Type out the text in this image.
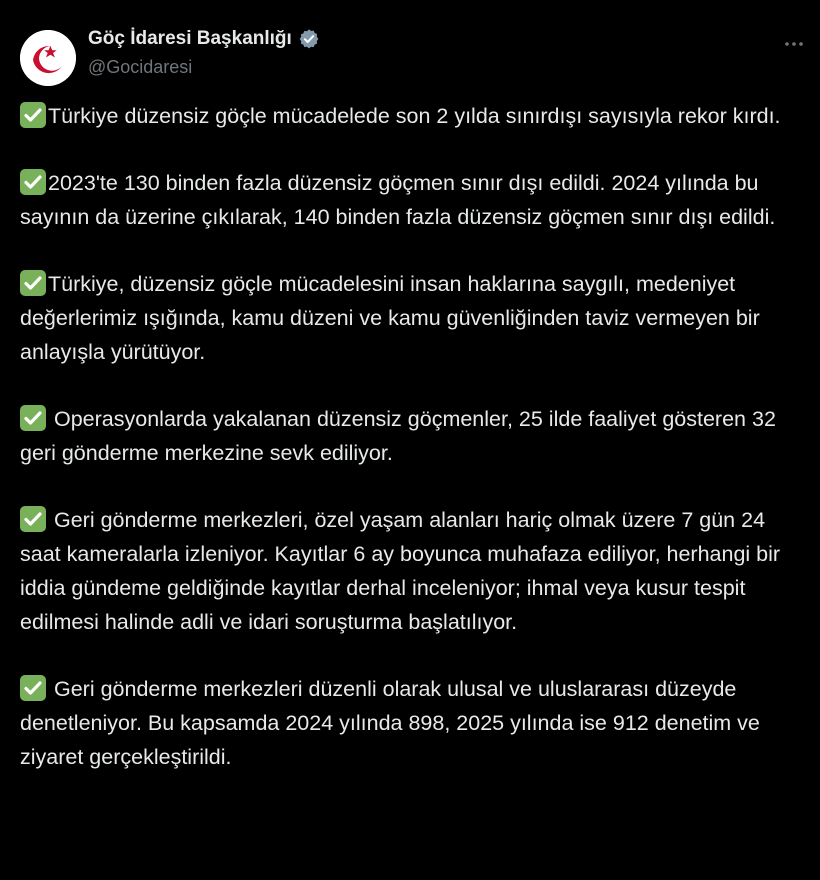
Göç İdaresi Başkanlığı
@Gocidaresi

Türkiye düzensiz göçle mücadelede son 2 yılda sınırdışı sayısıyla rekor kırdı.

2023'te 130 binden fazla düzensiz göçmen sınır dışı edildi. 2024 yılında bu sayının da üzerine çıkılarak, 140 binden fazla düzensiz göçmen sınır dışı edildi.

Türkiye, düzensiz göçle mücadelesini insan haklarına saygılı, medeniyet değerlerimiz ışığında, kamu düzeni ve kamu güvenliğinden taviz vermeyen bir anlayışla yürütüyor.

Operasyonlarda yakalanan düzensiz göçmenler, 25 ilde faaliyet gösteren 32 geri gönderme merkezine sevk ediliyor.

Geri gönderme merkezleri, özel yaşam alanları hariç olmak üzere 7 gün 24 saat kameralarla izleniyor. Kayıtlar 6 ay boyunca muhafaza ediliyor, herhangi bir iddia gündeme geldiğinde kayıtlar derhal inceleniyor; ihmal veya kusur tespit edilmesi halinde adli ve idari soruşturma başlatılıyor.

Geri gönderme merkezleri düzenli olarak ulusal ve uluslararası düzeyde denetleniyor. Bu kapsamda 2024 yılında 898, 2025 yılında ise 912 denetim ve ziyaret gerçekleştirildi.
